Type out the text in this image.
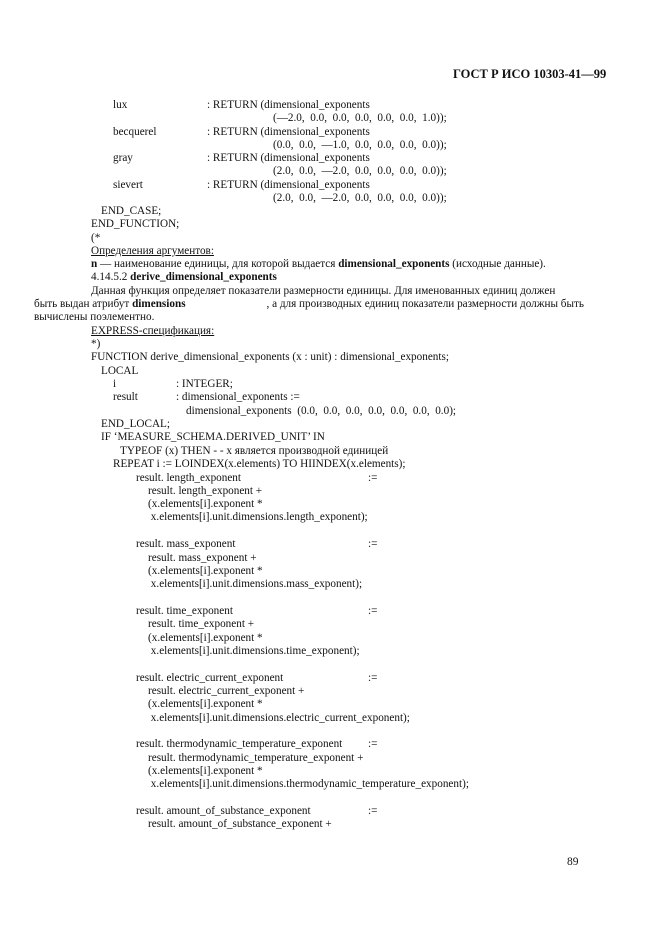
ГОСТ Р ИСО 10303-41—99
lux	: RETURN (dimensional_exponents
(—2.0,  0.0,  0.0,  0.0,  0.0,  0.0,  1.0));
becquerel	: RETURN (dimensional_exponents
(0.0,  0.0,  —1.0,  0.0,  0.0,  0.0,  0.0));
gray	: RETURN (dimensional_exponents
(2.0,  0.0,  —2.0,  0.0,  0.0,  0.0,  0.0));
sievert	: RETURN (dimensional_exponents
(2.0,  0.0,  —2.0,  0.0,  0.0,  0.0,  0.0));
END_CASE;
END_FUNCTION;
(*
Определения аргументов:
n — наименование единицы, для которой выдается dimensional_exponents (исходные данные).
4.14.5.2 derive_dimensional_exponents
Данная функция определяет показатели размерности единицы. Для именованных единиц должен
быть выдан атрибут dimensions	, а для производных единиц показатели размерности должны быть
вычислены поэлементно.
EXPRESS-спецификация:
*)
FUNCTION derive_dimensional_exponents (x : unit) : dimensional_exponents;
LOCAL
i	: INTEGER;
result	: dimensional_exponents :=
dimensional_exponents  (0.0,  0.0,  0.0,  0.0,  0.0,  0.0,  0.0);
END_LOCAL;
IF ‘MEASURE_SCHEMA.DERIVED_UNIT’ IN
TYPEOF (x) THEN - - x является производной единицей
REPEAT i := LOINDEX(x.elements) TO HIINDEX(x.elements);
result. length_exponent	:=
result. length_exponent +
(x.elements[i].exponent *
x.elements[i].unit.dimensions.length_exponent);
result. mass_exponent	:=
result. mass_exponent +
(x.elements[i].exponent *
x.elements[i].unit.dimensions.mass_exponent);
result. time_exponent	:=
result. time_exponent +
(x.elements[i].exponent *
x.elements[i].unit.dimensions.time_exponent);
result. electric_current_exponent	:=
result. electric_current_exponent +
(x.elements[i].exponent *
x.elements[i].unit.dimensions.electric_current_exponent);
result. thermodynamic_temperature_exponent :=
result. thermodynamic_temperature_exponent +
(x.elements[i].exponent *
x.elements[i].unit.dimensions.thermodynamic_temperature_exponent);
result. amount_of_substance_exponent	:=
result. amount_of_substance_exponent +
89
